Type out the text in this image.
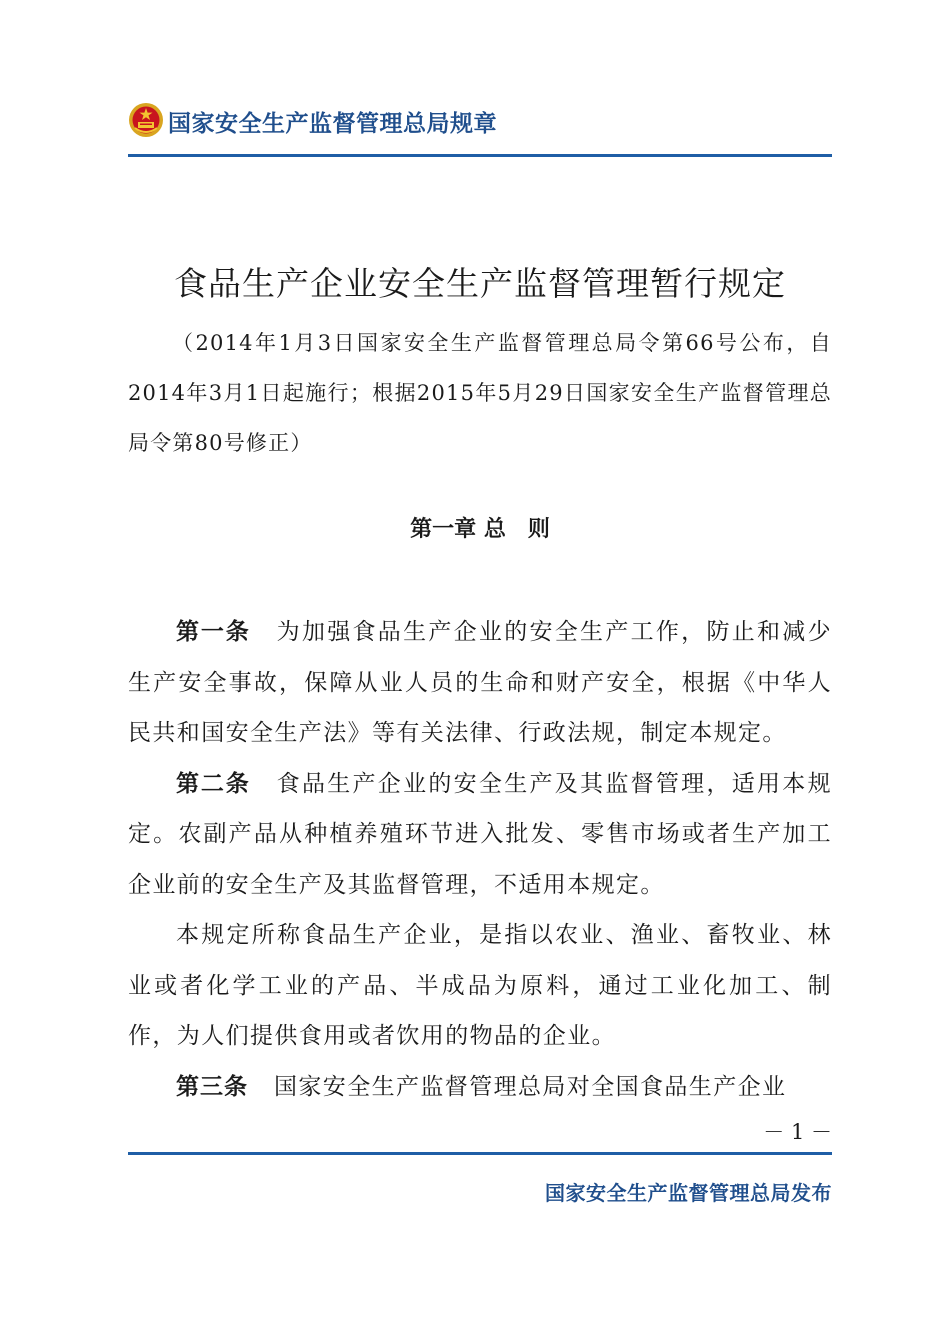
国家安全生产监督管理总局规章
食品生产企业安全生产监督管理暂行规定
（2014年1月3日国家安全生产监督管理总局令第66号公布，自2014年3月1日起施行；根据2015年5月29日国家安全生产监督管理总局令第80号修正）
第一章 总　则

第一条 为加强食品生产企业的安全生产工作，防止和减少生产安全事故，保障从业人员的生命和财产安全，根据《中华人民共和国安全生产法》等有关法律、行政法规，制定本规定。

第二条 食品生产企业的安全生产及其监督管理，适用本规定。农副产品从种植养殖环节进入批发、零售市场或者生产加工企业前的安全生产及其监督管理，不适用本规定。

本规定所称食品生产企业，是指以农业、渔业、畜牧业、林业或者化学工业的产品、半成品为原料，通过工业化加工、制作，为人们提供食用或者饮用的物品的企业。

第三条 国家安全生产监督管理总局对全国食品生产企业

－ 1 －
国家安全生产监督管理总局发布
